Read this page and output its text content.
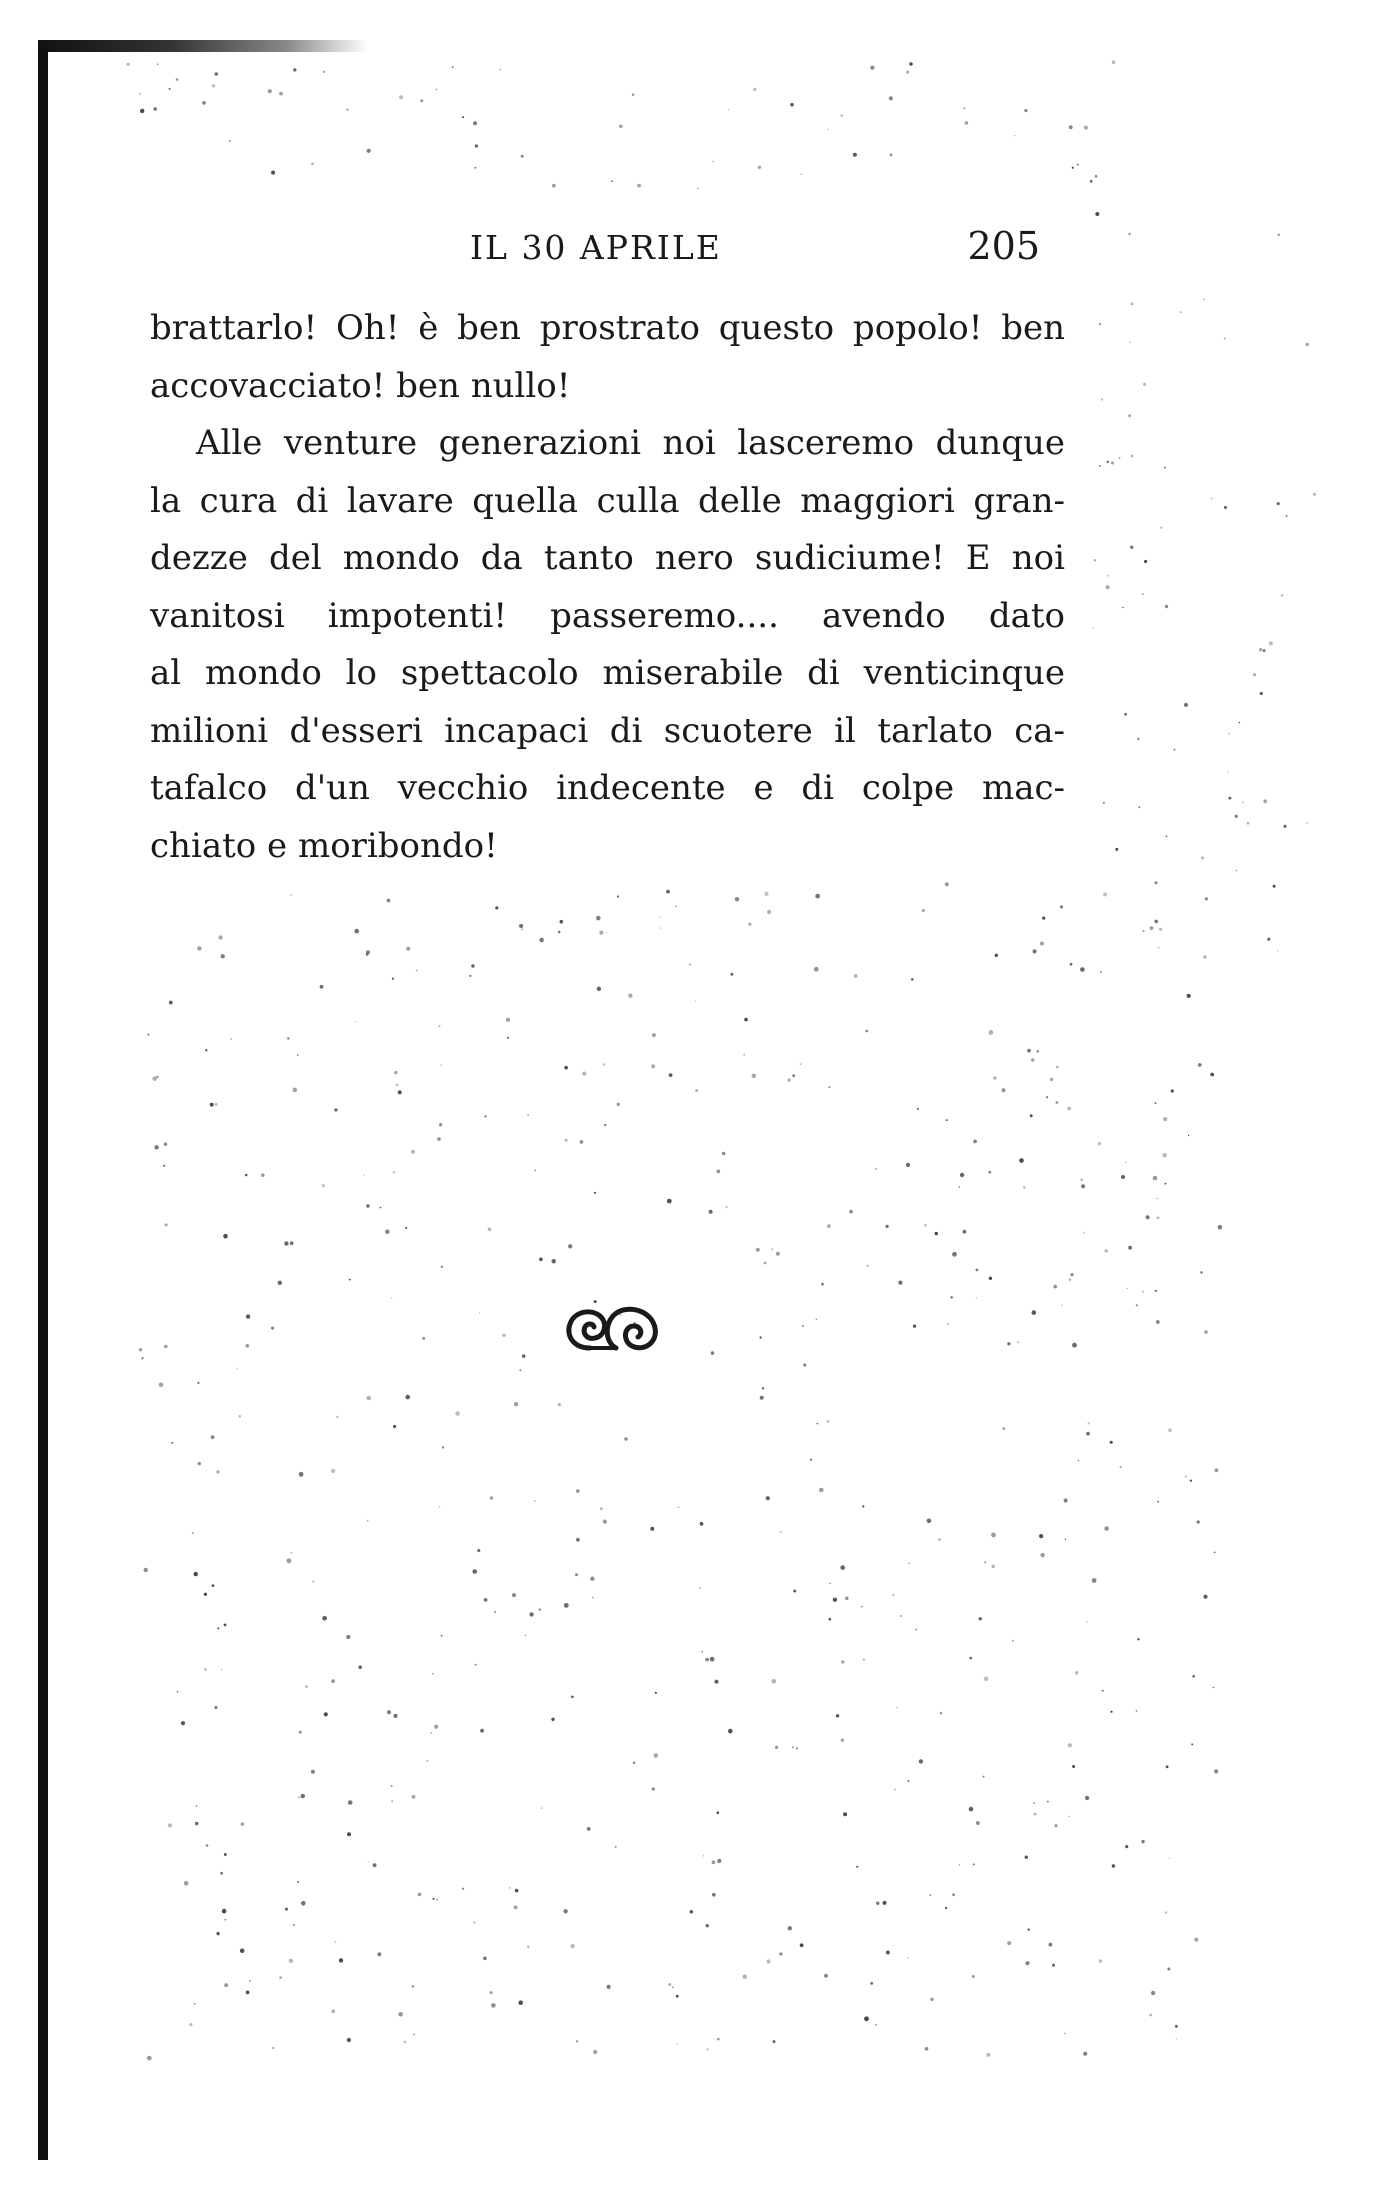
IL 30 APRILE	205
brattarlo! Oh! è ben prostrato questo popolo! ben
accovacciato! ben nullo!
Alle venture generazioni noi lasceremo dunque
la cura di lavare quella culla delle maggiori gran-
dezze del mondo da tanto nero sudiciume! E noi
vanitosi impotenti! passeremo.... avendo dato
al mondo lo spettacolo miserabile di venticinque
milioni d'esseri incapaci di scuotere il tarlato ca-
tafalco d'un vecchio indecente e di colpe mac-
chiato e moribondo!
